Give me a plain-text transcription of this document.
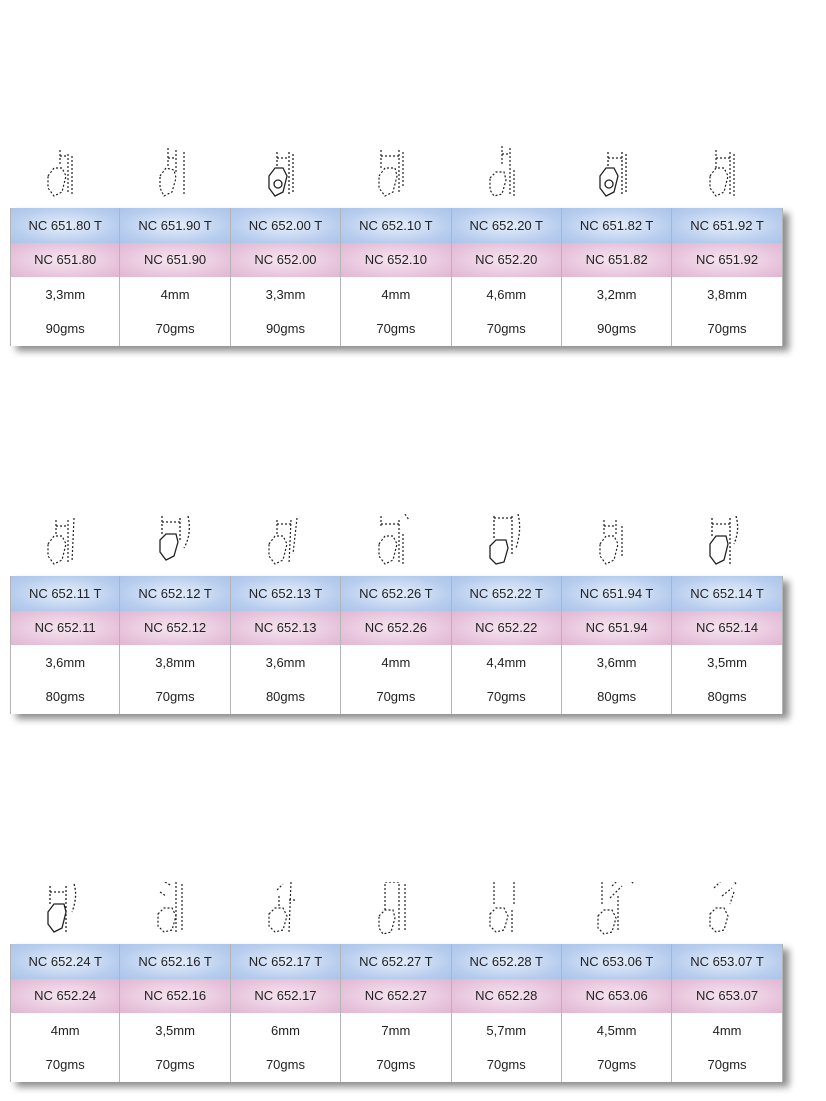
NC 651.80 T	NC 651.90 T	NC 652.00 T	NC 652.10 T	NC 652.20 T	NC 651.82 T	NC 651.92 T
NC 651.80	NC 651.90	NC 652.00	NC 652.10	NC 652.20	NC 651.82	NC 651.92
3,3mm	4mm	3,3mm	4mm	4,6mm	3,2mm	3,8mm
90gms	70gms	90gms	70gms	70gms	90gms	70gms
NC 652.11 T	NC 652.12 T	NC 652.13 T	NC 652.26 T	NC 652.22 T	NC 651.94 T	NC 652.14 T
NC 652.11	NC 652.12	NC 652.13	NC 652.26	NC 652.22	NC 651.94	NC 652.14
3,6mm	3,8mm	3,6mm	4mm	4,4mm	3,6mm	3,5mm
80gms	70gms	80gms	70gms	70gms	80gms	80gms
NC 652.24 T	NC 652.16 T	NC 652.17 T	NC 652.27 T	NC 652.28 T	NC 653.06 T	NC 653.07 T
NC 652.24	NC 652.16	NC 652.17	NC 652.27	NC 652.28	NC 653.06	NC 653.07
4mm	3,5mm	6mm	7mm	5,7mm	4,5mm	4mm
70gms	70gms	70gms	70gms	70gms	70gms	70gms
